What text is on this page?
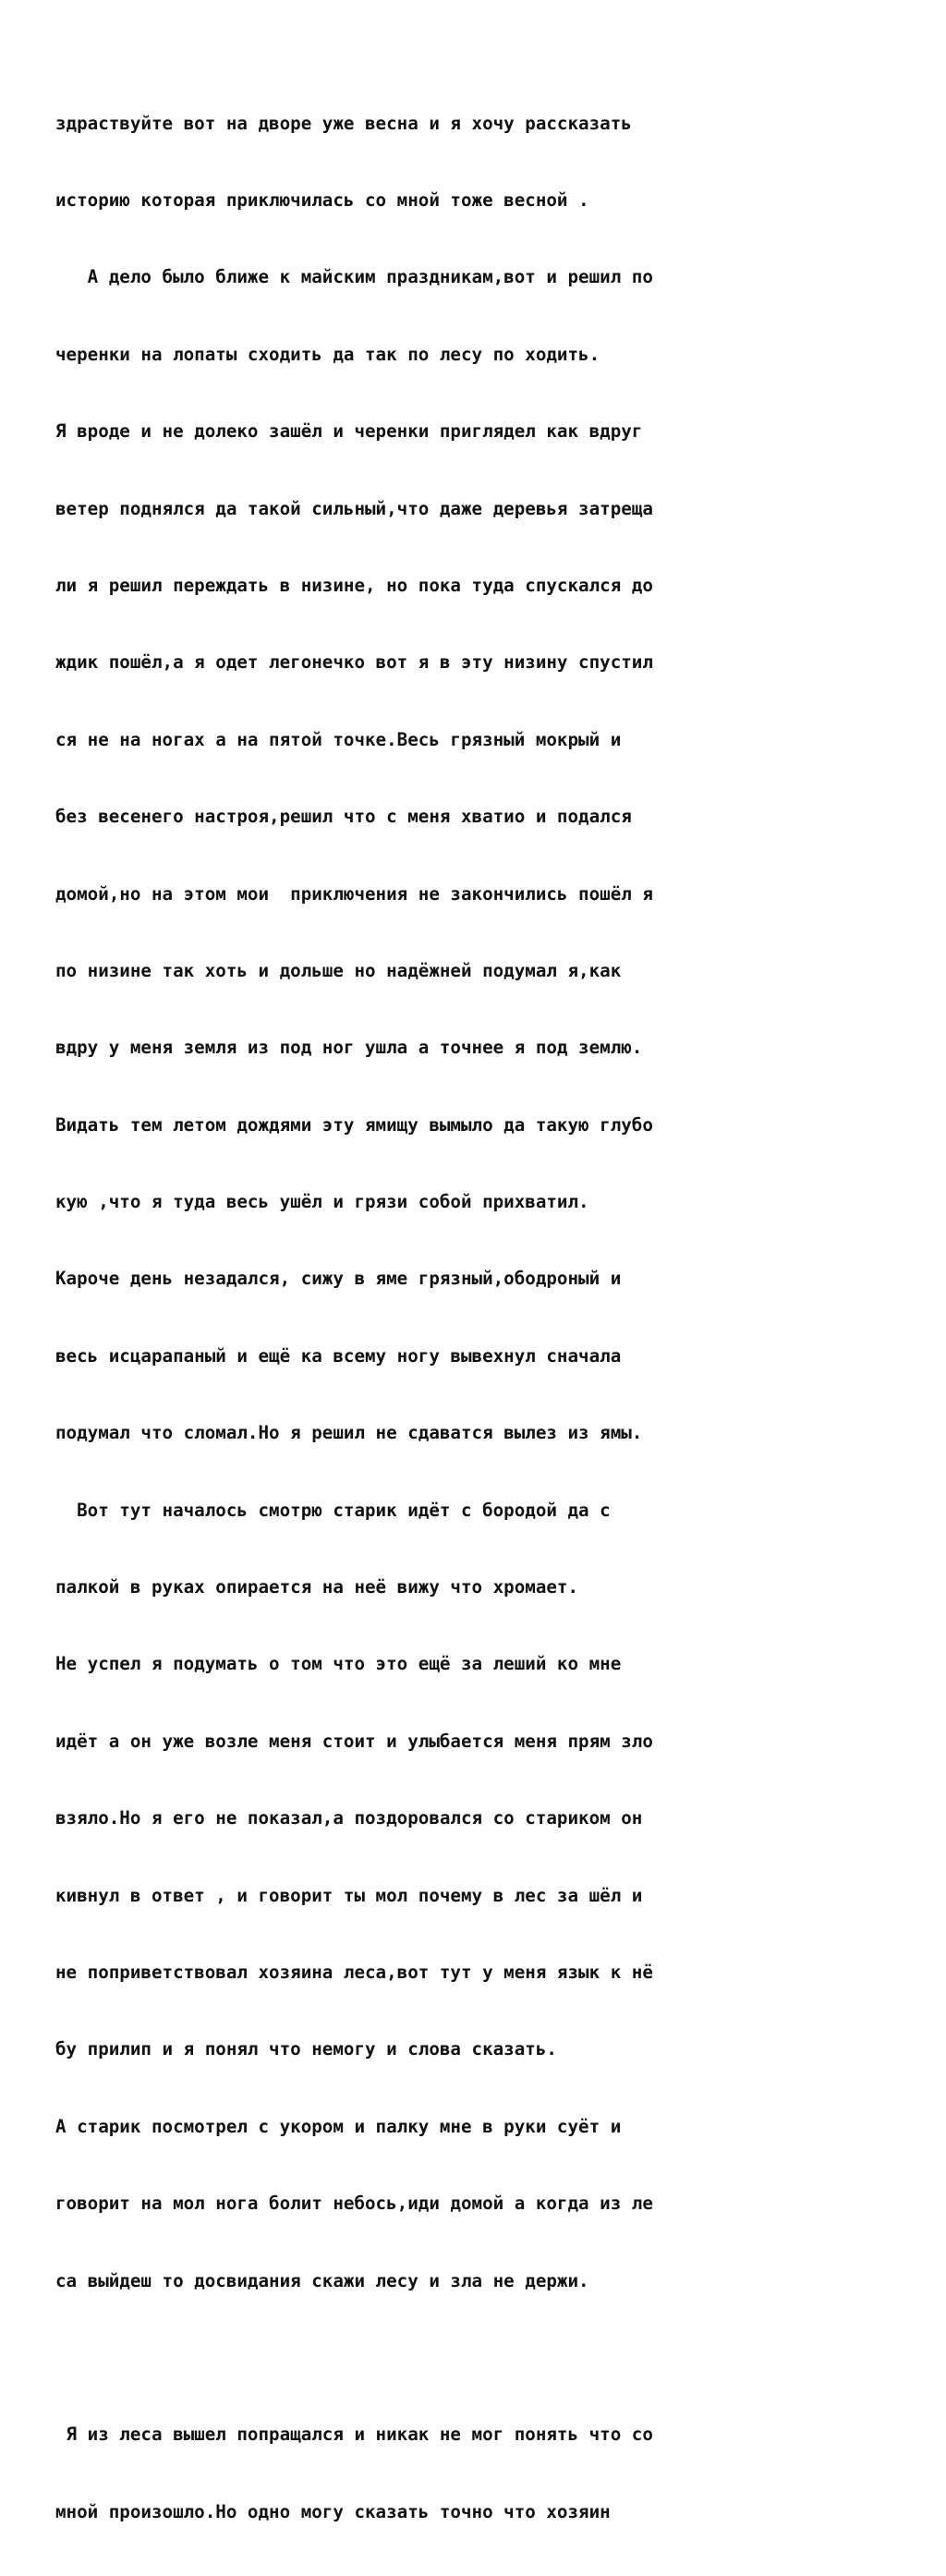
здраствуйте вот на дворе уже весна и я хочу рассказать

историю которая приключилась со мной тоже весной .

А дело было ближе к майским праздникам,вот и решил по

черенки на лопаты сходить да так по лесу по ходить.

Я вроде и не долеко зашёл и черенки приглядел как вдруг

ветер поднялся да такой сильный,что даже деревья затреща

ли я решил переждать в низине, но пока туда спускался до

ждик пошёл,а я одет легонечко вот я в эту низину спустил

ся не на ногах а на пятой точке.Весь грязный мокрый и

без весенего настроя,решил что с меня хватио и подался

домой,но на этом мои  приключения не закончились пошёл я

по низине так хоть и дольше но надёжней подумал я,как

вдру у меня земля из под ног ушла а точнее я под землю.

Видать тем летом дождями эту ямищу вымыло да такую глубо

кую ,что я туда весь ушёл и грязи собой прихватил.

Кароче день незадался, сижу в яме грязный,ободроный и

весь исцарапаный и ещё ка всему ногу вывехнул сначала

подумал что сломал.Но я решил не сдаватся вылез из ямы.

Вот тут началось смотрю старик идёт с бородой да с

палкой в руках опирается на неё вижу что хромает.

Не успел я подумать о том что это ещё за леший ко мне

идёт а он уже возле меня стоит и улыбается меня прям зло

взяло.Но я его не показал,а поздоровался со стариком он

кивнул в ответ , и говорит ты мол почему в лес за шёл и

не поприветствовал хозяина леса,вот тут у меня язык к нё

бу прилип и я понял что немогу и слова сказать.

А старик посмотрел с укором и палку мне в руки суёт и

говорит на мол нога болит небось,иди домой а когда из ле

са выйдеш то досвидания скажи лесу и зла не держи.

Я из леса вышел попращался и никак не мог понять что со

мной произошло.Но одно могу сказать точно что хозяин
